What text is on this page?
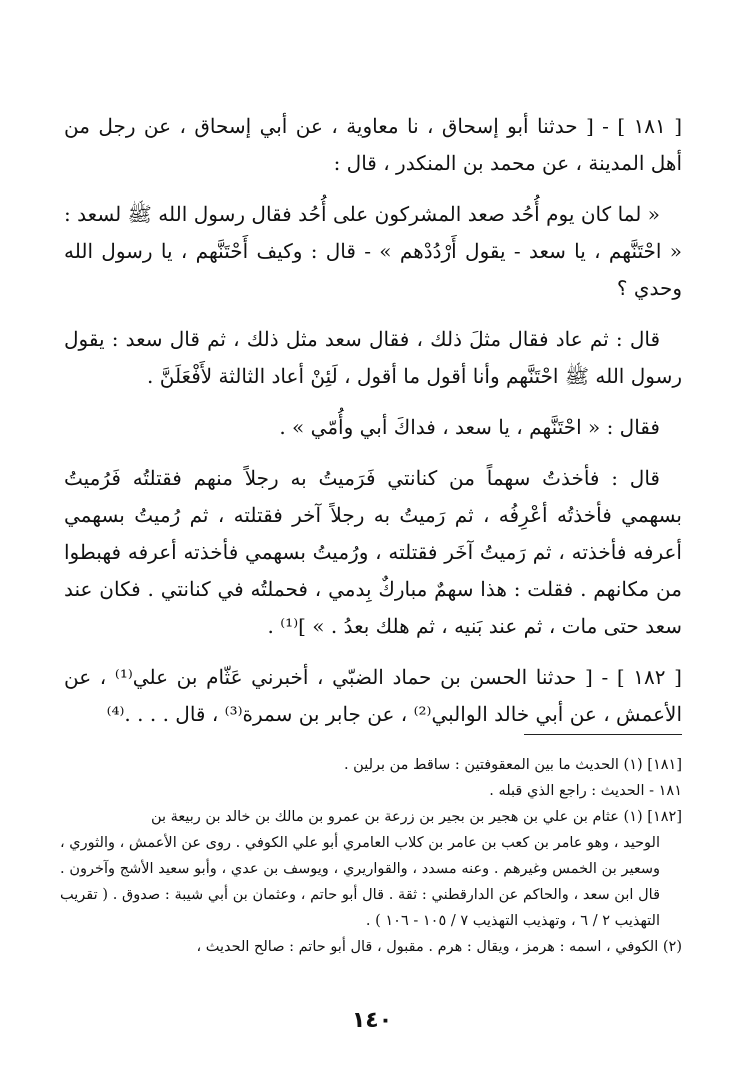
[ ١٨١ ] - [ حدثنا أبو إسحاق ، نا معاوية ، عن أبي إسحاق ، عن رجل من أهل المدينة ، عن محمد بن المنكدر ، قال :

« لما كان يوم أُحُد صعد المشركون على أُحُد فقال رسول الله ﷺ لسعد : « احْتَنَّهم ، يا سعد - يقول أَرْدُدْهم » - قال : وكيف أَحْتَنَّهم ، يا رسول الله وحدي ؟

قال : ثم عاد فقال مثلَ ذلك ، فقال سعد مثل ذلك ، ثم قال سعد : يقول رسول الله ﷺ احْتَنَّهم وأنا أقول ما أقول ، لَئِنْ أعاد الثالثة لأَفْعَلَنَّ .

فقال : « احْتَنَّهم ، يا سعد ، فداكَ أبي وأُمّي » .

قال : فأخذتُ سهماً من كنانتي فَرَميتُ به رجلاً منهم فقتلتُه فَرُميتُ بسهمي فأخذتُه أعْرِفُه ، ثم رَميتُ به رجلاً آخر فقتلته ، ثم رُميتُ بسهمي أعرفه فأخذته ، ثم رَميتُ آخَر فقتلته ، ورُميتُ بسهمي فأخذته أعرفه فهبطوا من مكانهم . فقلت : هذا سهمٌ مباركٌ بِدمي ، فحملتُه في كنانتي . فكان عند سعد حتى مات ، ثم عند بَنيه ، ثم هلك بعدُ . » ]⁽¹⁾ .

[ ١٨٢ ] - [ حدثنا الحسن بن حماد الضبّي ، أخبرني عَثّام بن علي⁽¹⁾ ، عن الأعمش ، عن أبي خالد الوالبي⁽²⁾ ، عن جابر بن سمرة⁽³⁾ ، قال . . . .⁽⁴⁾

[١٨١] (١) الحديث ما بين المعقوفتين : ساقط من برلين .

١٨١ - الحديث : راجع الذي قبله .

[١٨٢] (١) عثام بن علي بن هجير بن بجير بن زرعة بن عمرو بن مالك بن خالد بن ربيعة بن

الوحيد ، وهو عامر بن كعب بن عامر بن كلاب العامري أبو علي الكوفي . روى عن الأعمش ، والثوري ، وسعير بن الخمس وغيرهم . وعنه مسدد ، والقواريري ، ويوسف بن عدي ، وأبو سعيد الأشج وآخرون . قال ابن سعد ، والحاكم عن الدارقطني : ثقة . قال أبو حاتم ، وعثمان بن أبي شيبة : صدوق . ( تقريب التهذيب ٢ / ٦ ، وتهذيب التهذيب ٧ / ١٠٥ - ١٠٦ ) .

(٢) الكوفي ، اسمه : هرمز ، ويقال : هرم . مقبول ، قال أبو حاتم : صالح الحديث ،

١٤٠
